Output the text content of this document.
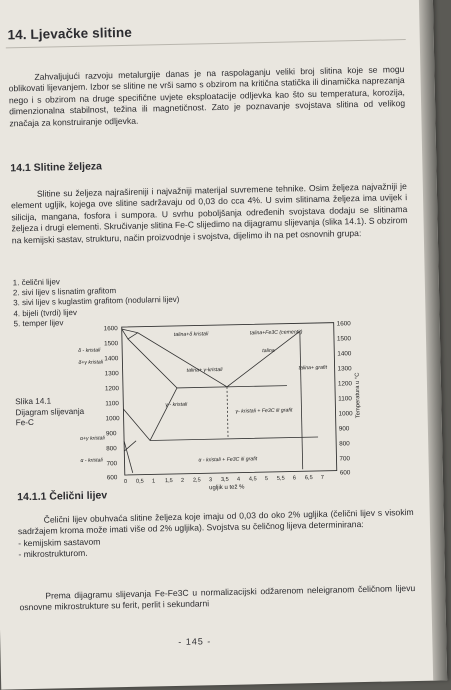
14. Ljevačke slitine

Zahvaljujući razvoju metalurgije danas je na raspolaganju veliki broj slitina koje se mogu oblikovati lijevanjem. Izbor se slitine ne vrši samo s obzirom na kritična statička ili dinamička naprezanja nego i s obzirom na druge specifične uvjete eksploatacije odljevka kao što su temperatura, korozija, dimenzionalna stabilnost, težina ili magnetičnost. Zato je poznavanje svojstava slitina od velikog značaja za konstruiranje odljevka.

14.1 Slitine željeza

Slitine su željeza najrašireniji i najvažniji materijal suvremene tehnike. Osim željeza najvažniji je element ugljik, kojega ove slitine sadržavaju od 0,03 do cca 4%. U svim slitinama željeza ima uvijek i silicija, mangana, fosfora i sumpora. U svrhu poboljšanja određenih svojstava dodaju se slitinama željeza i drugi elementi. Skručivanje slitina Fe-C slijedimo na dijagramu slijevanja (slika 14.1). S obzirom na kemijski sastav, strukturu, način proizvodnje i svojstva, dijelimo ih na pet osnovnih grupa:

1. čelični lijev
2. sivi lijev s lisnatim grafitom
3. sivi lijev s kuglastim grafitom (nodularni lijev)
4. bijeli (tvrdi) lijev
5. temper lijev
Slika 14.1
Dijagram slijevanja
Fe-C
1600
1500
1400
1300
1200
1100
1000
900
800
700
600
1600
1500
1400
1300
1200
1100
1000
900
800
700
600
Temperatura u °C
0 0,5 1 1,5 2 2,5 3 3,5 4 4,5 5 5,5 6 6,5 7
ugljik u tež %
talina+δ kristali	talina+Fe3C (cementit)
talina
δ - kristali
δ+γ kristali
talina+ γ-kristali	talina+ grafit
γ - kristali
γ- kristali + Fe3C ili grafit
α+γ kristali
α - kristali	α - kristali + Fe3C ili grafit
14.1.1 Čelični lijev

Čelični lijev obuhvaća slitine željeza koje imaju od 0,03 do oko 2% ugljika (čelični lijev s visokim sadržajem kroma može imati više od 2% ugljika). Svojstva su čeličnog lijeva determinirana:

- kemijskim sastavom
- mikrostrukturom.

Prema dijagramu slijevanja Fe-Fe3C u normalizacijski odžarenom neleigranom čeličnom lijevu osnovne mikrostrukture su ferit, perlit i sekundarni

- 145 -
